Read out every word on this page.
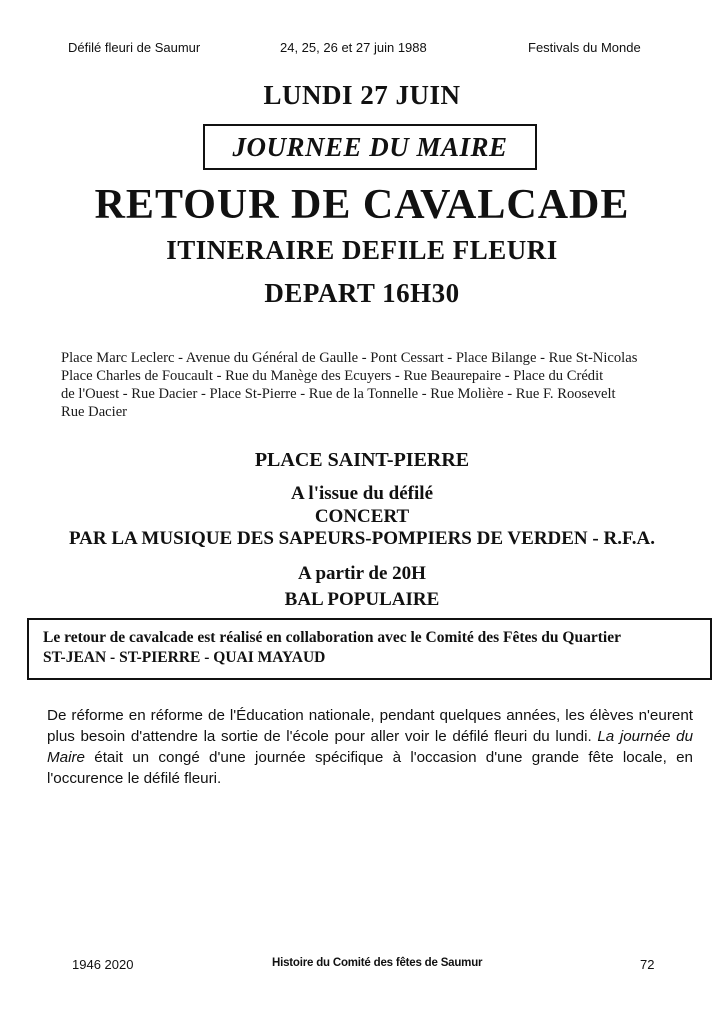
Défilé fleuri de Saumur	24, 25, 26 et 27 juin 1988	Festivals du Monde
LUNDI 27 JUIN
JOURNEE DU MAIRE
RETOUR DE CAVALCADE
ITINERAIRE DEFILE FLEURI
DEPART 16H30
Place Marc Leclerc - Avenue du Général de Gaulle - Pont Cessart - Place Bilange - Rue St-Nicolas
Place Charles de Foucault - Rue du Manège des Ecuyers - Rue Beaurepaire - Place du Crédit
de l'Ouest - Rue Dacier - Place St-Pierre - Rue de la Tonnelle - Rue Molière - Rue F. Roosevelt
Rue Dacier
PLACE SAINT-PIERRE
A l'issue du défilé
CONCERT
PAR LA MUSIQUE DES SAPEURS-POMPIERS DE VERDEN - R.F.A.
A partir de 20H
BAL POPULAIRE
Le retour de cavalcade est réalisé en collaboration avec le Comité des Fêtes du Quartier
ST-JEAN - ST-PIERRE - QUAI MAYAUD
De réforme en réforme de l'Éducation nationale, pendant quelques années, les élèves n'eurent plus besoin d'attendre la sortie de l'école pour aller voir le défilé fleuri du lundi. La journée du Maire était un congé d'une journée spécifique à l'occasion d'une grande fête locale, en l'occurence le défilé fleuri.
1946 2020	Histoire du Comité des fêtes de Saumur	72
